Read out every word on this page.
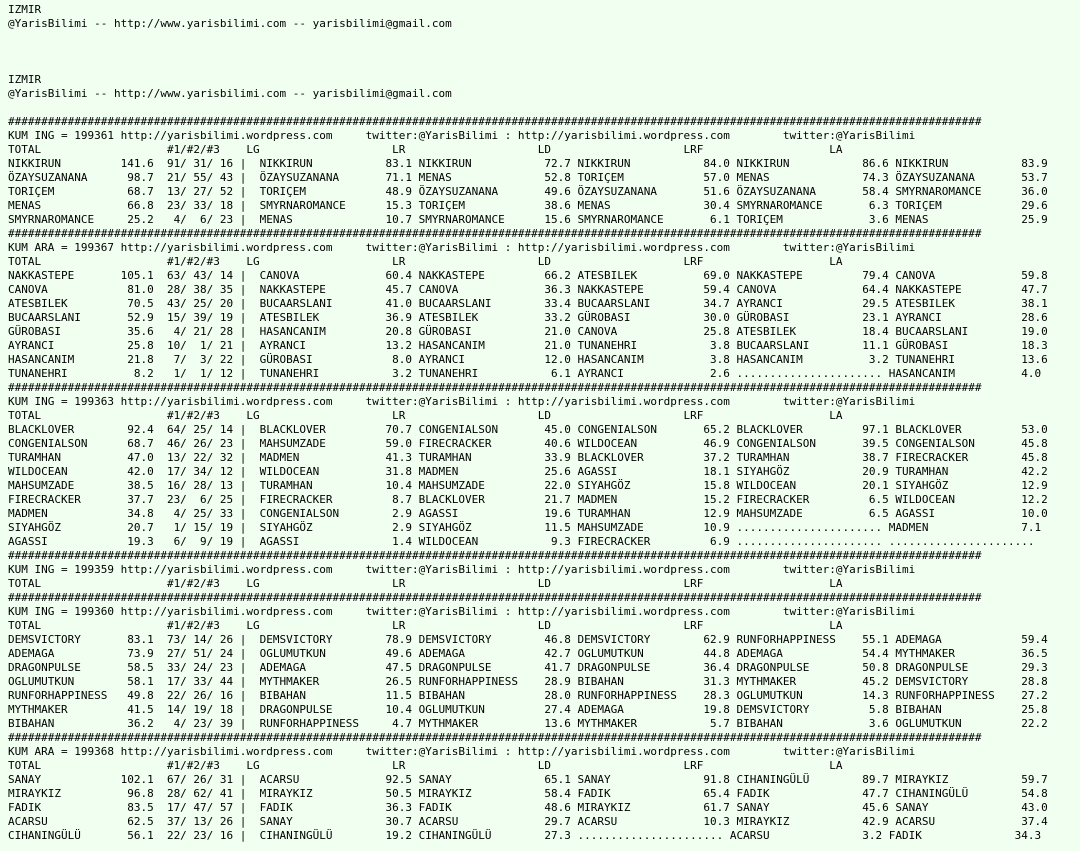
IZMIR
@YarisBilimi -- http://www.yarisbilimi.com -- yarisbilimi@gmail.com
IZMIR
@YarisBilimi -- http://www.yarisbilimi.com -- yarisbilimi@gmail.com
###################################################################################################################################################
KUM ING = 199361 http://yarisbilimi.wordpress.com     twitter:@YarisBilimi : http://yarisbilimi.wordpress.com        twitter:@YarisBilimi
TOTAL                   #1/#2/#3    LG                    LR                    LD                    LRF                   LA
NIKKIRUN         141.6  91/ 31/ 16 |  NIKKIRUN           83.1 NIKKIRUN           72.7 NIKKIRUN           84.0 NIKKIRUN           86.6 NIKKIRUN           83.9
ÖZAYSUZANANA      98.7  21/ 55/ 43 |  ÖZAYSUZANANA       71.1 MENAS              52.8 TORIÇEM            57.0 MENAS              74.3 ÖZAYSUZANANA       53.7
TORIÇEM           68.7  13/ 27/ 52 |  TORIÇEM            48.9 ÖZAYSUZANANA       49.6 ÖZAYSUZANANA       51.6 ÖZAYSUZANANA       58.4 SMYRNAROMANCE      36.0
MENAS             66.8  23/ 33/ 18 |  SMYRNAROMANCE      15.3 TORIÇEM            38.6 MENAS              30.4 SMYRNAROMANCE       6.3 TORIÇEM            29.6
SMYRNAROMANCE     25.2   4/  6/ 23 |  MENAS              10.7 SMYRNAROMANCE      15.6 SMYRNAROMANCE       6.1 TORIÇEM             3.6 MENAS              25.9
###################################################################################################################################################
KUM ARA = 199367 http://yarisbilimi.wordpress.com     twitter:@YarisBilimi : http://yarisbilimi.wordpress.com        twitter:@YarisBilimi
TOTAL                   #1/#2/#3    LG                    LR                    LD                    LRF                   LA
NAKKASTEPE       105.1  63/ 43/ 14 |  CANOVA             60.4 NAKKASTEPE         66.2 ATESBILEK          69.0 NAKKASTEPE         79.4 CANOVA             59.8
CANOVA            81.0  28/ 38/ 35 |  NAKKASTEPE         45.7 CANOVA             36.3 NAKKASTEPE         59.4 CANOVA             64.4 NAKKASTEPE         47.7
ATESBILEK         70.5  43/ 25/ 20 |  BUCAARSLANI        41.0 BUCAARSLANI        33.4 BUCAARSLANI        34.7 AYRANCI            29.5 ATESBILEK          38.1
BUCAARSLANI       52.9  15/ 39/ 19 |  ATESBILEK          36.9 ATESBILEK          33.2 GÜROBASI           30.0 GÜROBASI           23.1 AYRANCI            28.6
GÜROBASI          35.6   4/ 21/ 28 |  HASANCANIM         20.8 GÜROBASI           21.0 CANOVA             25.8 ATESBILEK          18.4 BUCAARSLANI        19.0
AYRANCI           25.8  10/  1/ 21 |  AYRANCI            13.2 HASANCANIM         21.0 TUNANEHRI           3.8 BUCAARSLANI        11.1 GÜROBASI           18.3
HASANCANIM        21.8   7/  3/ 22 |  GÜROBASI            8.0 AYRANCI            12.0 HASANCANIM          3.8 HASANCANIM          3.2 TUNANEHRI          13.6
TUNANEHRI          8.2   1/  1/ 12 |  TUNANEHRI           3.2 TUNANEHRI           6.1 AYRANCI             2.6 ...................... HASANCANIM          4.0
###################################################################################################################################################
KUM ING = 199363 http://yarisbilimi.wordpress.com     twitter:@YarisBilimi : http://yarisbilimi.wordpress.com        twitter:@YarisBilimi
TOTAL                   #1/#2/#3    LG                    LR                    LD                    LRF                   LA
BLACKLOVER        92.4  64/ 25/ 14 |  BLACKLOVER         70.7 CONGENIALSON       45.0 CONGENIALSON       65.2 BLACKLOVER         97.1 BLACKLOVER         53.0
CONGENIALSON      68.7  46/ 26/ 23 |  MAHSUMZADE         59.0 FIRECRACKER        40.6 WILDOCEAN          46.9 CONGENIALSON       39.5 CONGENIALSON       45.8
TURAMHAN          47.0  13/ 22/ 32 |  MADMEN             41.3 TURAMHAN           33.9 BLACKLOVER         37.2 TURAMHAN           38.7 FIRECRACKER        45.8
WILDOCEAN         42.0  17/ 34/ 12 |  WILDOCEAN          31.8 MADMEN             25.6 AGASSI             18.1 SIYAHGÖZ           20.9 TURAMHAN           42.2
MAHSUMZADE        38.5  16/ 28/ 13 |  TURAMHAN           10.4 MAHSUMZADE         22.0 SIYAHGÖZ           15.8 WILDOCEAN          20.1 SIYAHGÖZ           12.9
FIRECRACKER       37.7  23/  6/ 25 |  FIRECRACKER         8.7 BLACKLOVER         21.7 MADMEN             15.2 FIRECRACKER         6.5 WILDOCEAN          12.2
MADMEN            34.8   4/ 25/ 33 |  CONGENIALSON        2.9 AGASSI             19.6 TURAMHAN           12.9 MAHSUMZADE          6.5 AGASSI             10.0
SIYAHGÖZ          20.7   1/ 15/ 19 |  SIYAHGÖZ            2.9 SIYAHGÖZ           11.5 MAHSUMZADE         10.9 ...................... MADMEN              7.1
AGASSI            19.3   6/  9/ 19 |  AGASSI              1.4 WILDOCEAN           9.3 FIRECRACKER         6.9 ...................... ......................
###################################################################################################################################################
KUM ING = 199359 http://yarisbilimi.wordpress.com     twitter:@YarisBilimi : http://yarisbilimi.wordpress.com        twitter:@YarisBilimi
TOTAL                   #1/#2/#3    LG                    LR                    LD                    LRF                   LA
###################################################################################################################################################
KUM ING = 199360 http://yarisbilimi.wordpress.com     twitter:@YarisBilimi : http://yarisbilimi.wordpress.com        twitter:@YarisBilimi
TOTAL                   #1/#2/#3    LG                    LR                    LD                    LRF                   LA
DEMSVICTORY       83.1  73/ 14/ 26 |  DEMSVICTORY        78.9 DEMSVICTORY        46.8 DEMSVICTORY        62.9 RUNFORHAPPINESS    55.1 ADEMAGA            59.4
ADEMAGA           73.9  27/ 51/ 24 |  OGLUMUTKUN         49.6 ADEMAGA            42.7 OGLUMUTKUN         44.8 ADEMAGA            54.4 MYTHMAKER          36.5
DRAGONPULSE       58.5  33/ 24/ 23 |  ADEMAGA            47.5 DRAGONPULSE        41.7 DRAGONPULSE        36.4 DRAGONPULSE        50.8 DRAGONPULSE        29.3
OGLUMUTKUN        58.1  17/ 33/ 44 |  MYTHMAKER          26.5 RUNFORHAPPINESS    28.9 BIBAHAN            31.3 MYTHMAKER          45.2 DEMSVICTORY        28.8
RUNFORHAPPINESS   49.8  22/ 26/ 16 |  BIBAHAN            11.5 BIBAHAN            28.0 RUNFORHAPPINESS    28.3 OGLUMUTKUN         14.3 RUNFORHAPPINESS    27.2
MYTHMAKER         41.5  14/ 19/ 18 |  DRAGONPULSE        10.4 OGLUMUTKUN         27.4 ADEMAGA            19.8 DEMSVICTORY         5.8 BIBAHAN            25.8
BIBAHAN           36.2   4/ 23/ 39 |  RUNFORHAPPINESS     4.7 MYTHMAKER          13.6 MYTHMAKER           5.7 BIBAHAN             3.6 OGLUMUTKUN         22.2
###################################################################################################################################################
KUM ARA = 199368 http://yarisbilimi.wordpress.com     twitter:@YarisBilimi : http://yarisbilimi.wordpress.com        twitter:@YarisBilimi
TOTAL                   #1/#2/#3    LG                    LR                    LD                    LRF                   LA
SANAY            102.1  67/ 26/ 31 |  ACARSU             92.5 SANAY              65.1 SANAY              91.8 CIHANINGÜLÜ        89.7 MIRAYKIZ           59.7
MIRAYKIZ          96.8  28/ 62/ 41 |  MIRAYKIZ           50.5 MIRAYKIZ           58.4 FADIK              65.4 FADIK              47.7 CIHANINGÜLÜ        54.8
FADIK             83.5  17/ 47/ 57 |  FADIK              36.3 FADIK              48.6 MIRAYKIZ           61.7 SANAY              45.6 SANAY              43.0
ACARSU            62.5  37/ 13/ 26 |  SANAY              30.7 ACARSU             29.7 ACARSU             10.3 MIRAYKIZ           42.9 ACARSU             37.4
CIHANINGÜLÜ       56.1  22/ 23/ 16 |  CIHANINGÜLÜ        19.2 CIHANINGÜLÜ        27.3 ...................... ACARSU              3.2 FADIK              34.3
